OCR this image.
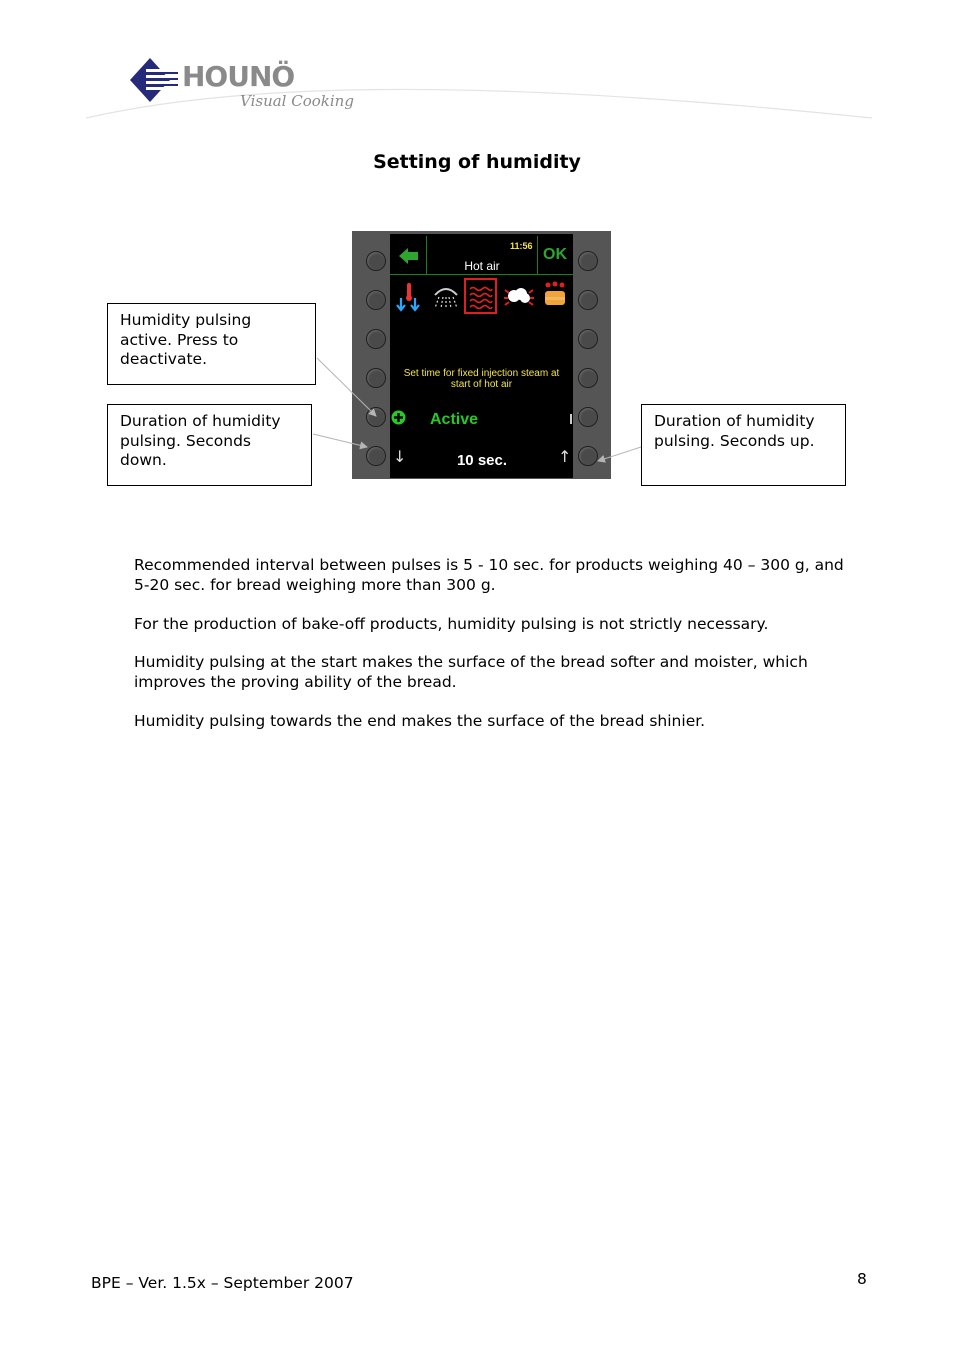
HOUNÖ
Visual Cooking
Setting of humidity
11:56 OK
Hot air
Set time for fixed injection steam at start of hot air
Active
↓	10 sec.	↑
Humidity pulsing active. Press to deactivate.
Duration of humidity pulsing. Seconds down.
Duration of humidity pulsing. Seconds up.
Recommended interval between pulses is 5 - 10 sec. for products weighing 40 – 300 g, and 5-20 sec. for bread weighing more than 300 g.
For the production of bake-off products, humidity pulsing is not strictly necessary.
Humidity pulsing at the start makes the surface of the bread softer and moister, which improves the proving ability of the bread.
Humidity pulsing towards the end makes the surface of the bread shinier.
BPE – Ver. 1.5x – September 2007	8
